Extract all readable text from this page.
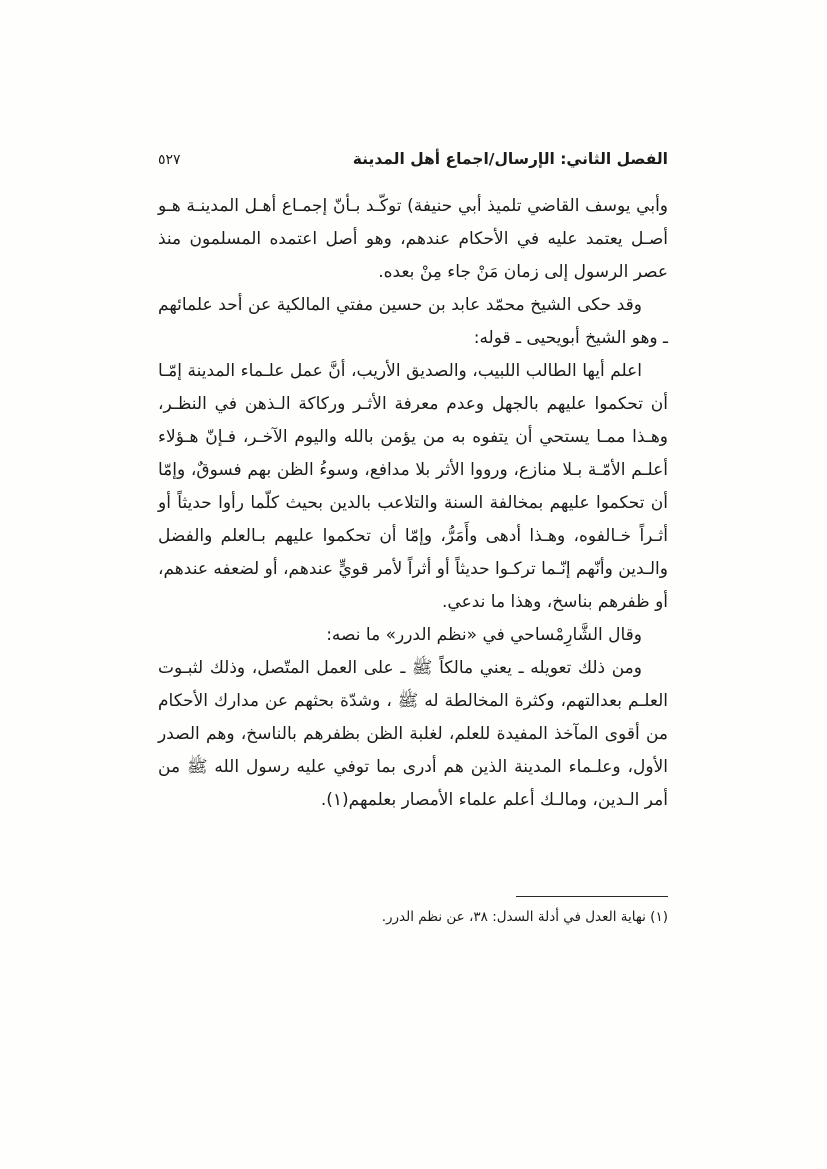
الفصل الثاني: الإرسال/اجماع أهل المدينة
٥٢٧

وأبي يوسف القاضي تلميذ أبي حنيفة) توكّـد بـأنّ إجمـاع أهـل المدينـة هـو أصـل يعتمد عليه في الأحكام عندهم، وهو أصل اعتمده المسلمون منذ عصر الرسول إلى زمان مَنْ جاء مِنْ بعده.

وقد حكى الشيخ محمّد عابد بن حسين مفتي المالكية عن أحد علمائهم ـ وهو الشيخ أبويحيى ـ قوله:

اعلم أيها الطالب اللبيب، والصديق الأريب، أنَّ عمل علـماء المدينة إمّـا أن تحكموا عليهم بالجهل وعدم معرفة الأثـر وركاكة الـذهن في النظـر، وهـذا ممـا يستحي أن يتفوه به من يؤمن بالله واليوم الآخـر، فـإنّ هـؤلاء أعلـم الأمّـة بـلا منازع، ورووا الأثر بلا مدافع، وسوءُ الظن بهم فسوقٌ، وإمّا أن تحكموا عليهم بمخالفة السنة والتلاعب بالدين بحيث كلّما رأوا حديثاً أو أثـراً خـالفوه، وهـذا أدهى وأَمَرُّ، وإمّا أن تحكموا عليهم بـالعلم والفضل والـدين وأنّهم إنّـما تركـوا حديثاً أو أثراً لأمر قويٍّ عندهم، أو لضعفه عندهم، أو ظفرهم بناسخ، وهذا ما ندعي.

وقال الشَّارِمْساحي في «نظم الدرر» ما نصه:

ومن ذلك تعويله ـ يعني مالكاً ﷺ ـ على العمل المتّصل، وذلك لثبـوت العلـم بعدالتهم، وكثرة المخالطة له ﷺ ، وشدّة بحثهم عن مدارك الأحكام من أقوى المآخذ المفيدة للعلم، لغلبة الظن بظفرهم بالناسخ، وهم الصدر الأول، وعلـماء المدينة الذين هم أدرى بما توفي عليه رسول الله ﷺ من أمر الـدين، ومالـك أعلم علماء الأمصار بعلمهم(١).

(١) نهاية العدل في أدلة السدل: ٣٨، عن نظم الدرر.
